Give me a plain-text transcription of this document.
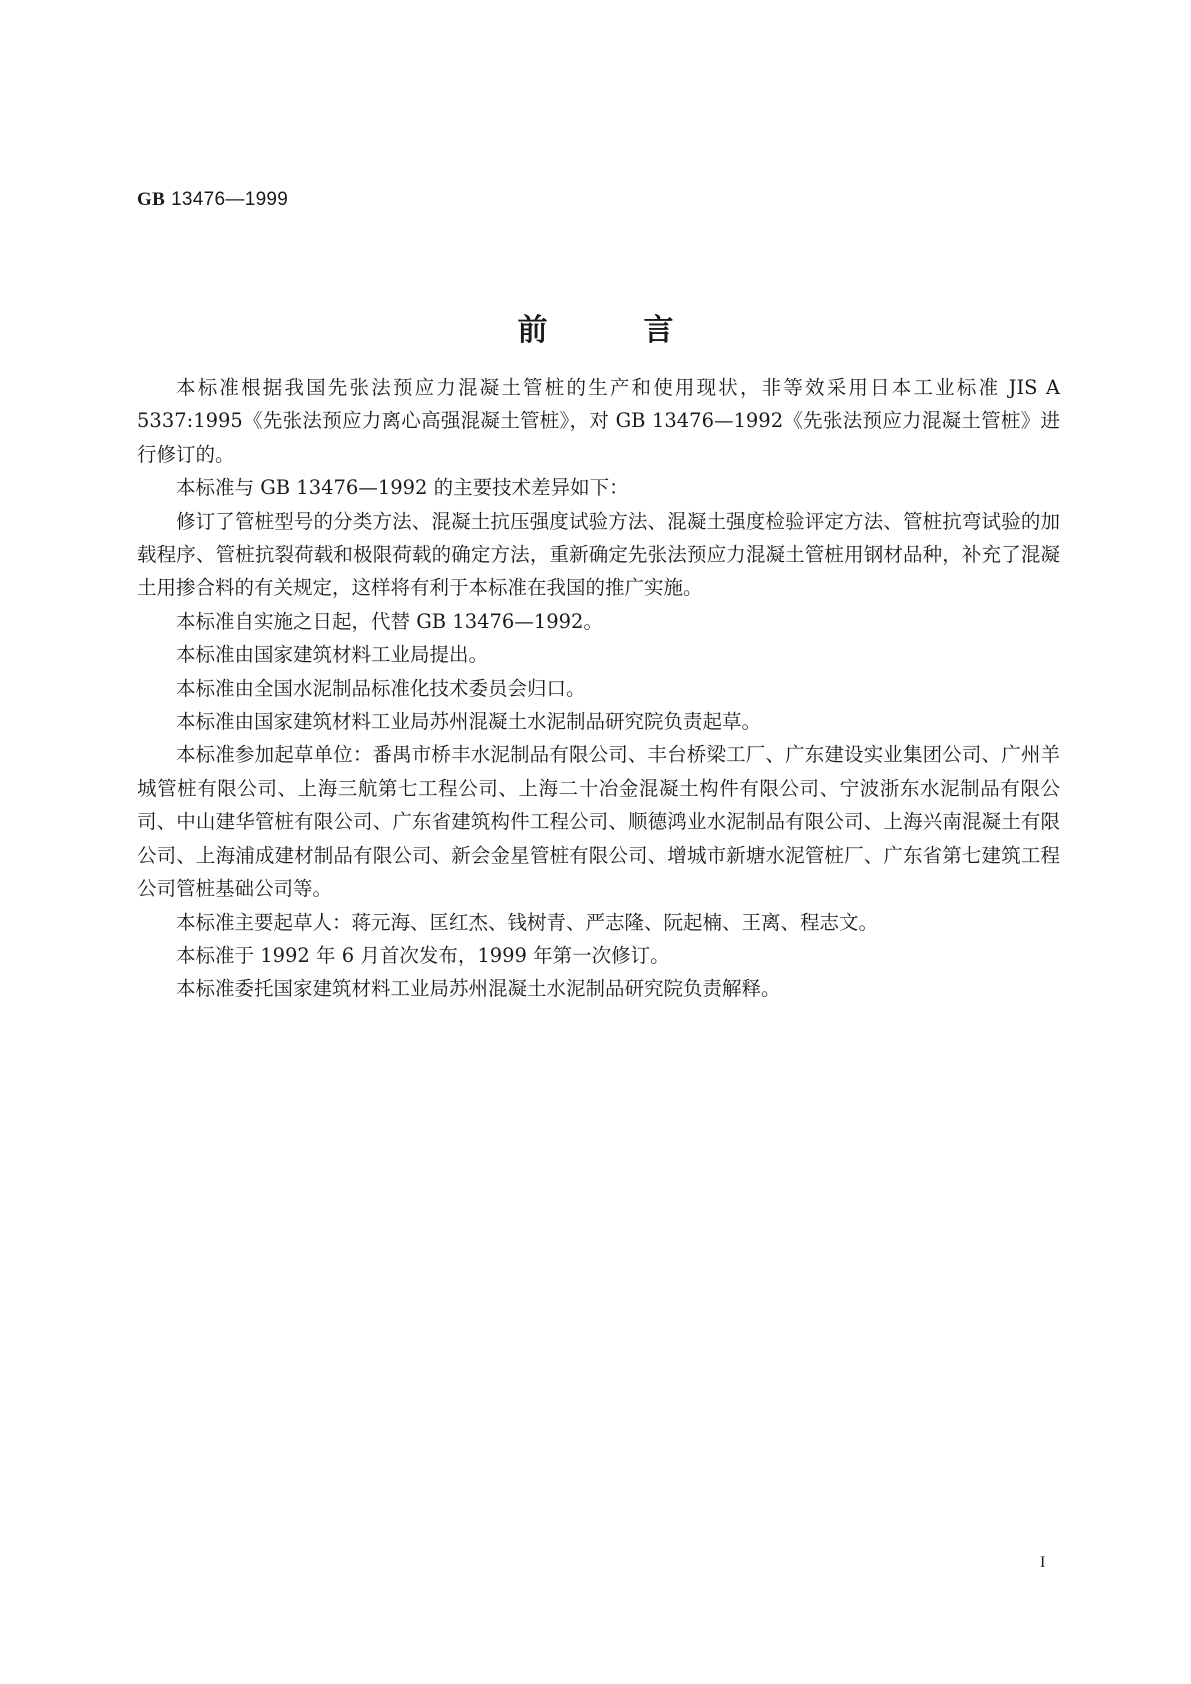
GB 13476—1999
前	言

本标准根据我国先张法预应力混凝土管桩的生产和使用现状，非等效采用日本工业标准 JIS A 5337:1995《先张法预应力离心高强混凝土管桩》，对 GB 13476—1992《先张法预应力混凝土管桩》进行修订的。

本标准与 GB 13476—1992 的主要技术差异如下：

修订了管桩型号的分类方法、混凝土抗压强度试验方法、混凝土强度检验评定方法、管桩抗弯试验的加载程序、管桩抗裂荷载和极限荷载的确定方法，重新确定先张法预应力混凝土管桩用钢材品种，补充了混凝土用掺合料的有关规定，这样将有利于本标准在我国的推广实施。

本标准自实施之日起，代替 GB 13476—1992。

本标准由国家建筑材料工业局提出。

本标准由全国水泥制品标准化技术委员会归口。

本标准由国家建筑材料工业局苏州混凝土水泥制品研究院负责起草。

本标准参加起草单位：番禺市桥丰水泥制品有限公司、丰台桥梁工厂、广东建设实业集团公司、广州羊城管桩有限公司、上海三航第七工程公司、上海二十冶金混凝土构件有限公司、宁波浙东水泥制品有限公司、中山建华管桩有限公司、广东省建筑构件工程公司、顺德鸿业水泥制品有限公司、上海兴南混凝土有限公司、上海浦成建材制品有限公司、新会金星管桩有限公司、增城市新塘水泥管桩厂、广东省第七建筑工程公司管桩基础公司等。

本标准主要起草人：蒋元海、匡红杰、钱树青、严志隆、阮起楠、王离、程志文。

本标准于 1992 年 6 月首次发布，1999 年第一次修订。

本标准委托国家建筑材料工业局苏州混凝土水泥制品研究院负责解释。

I
